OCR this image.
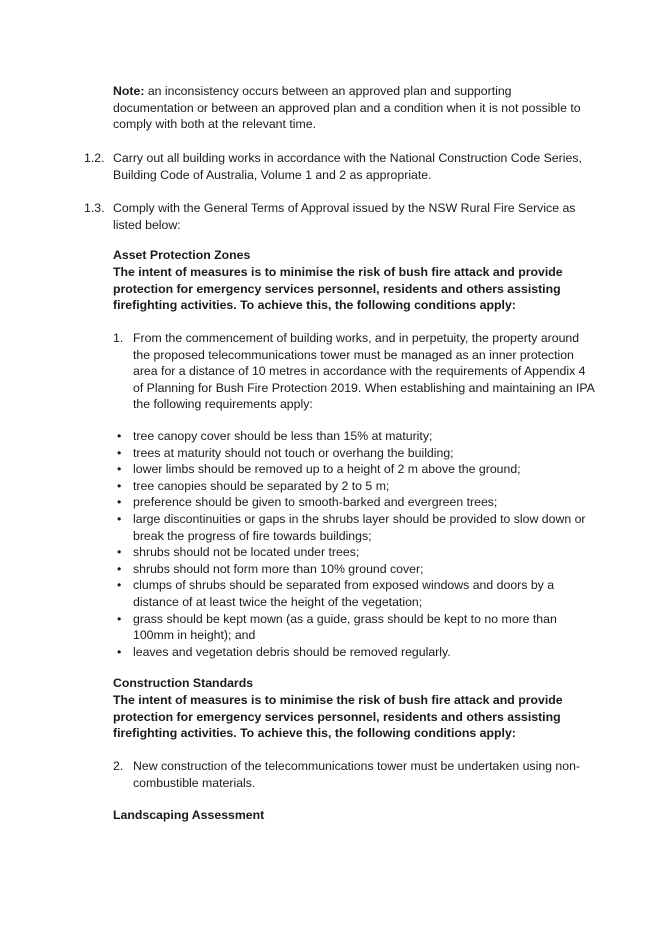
Note: an inconsistency occurs between an approved plan and supporting documentation or between an approved plan and a condition when it is not possible to comply with both at the relevant time.

1.2. Carry out all building works in accordance with the National Construction Code Series, Building Code of Australia, Volume 1 and 2 as appropriate.

1.3. Comply with the General Terms of Approval issued by the NSW Rural Fire Service as listed below:

Asset Protection Zones

The intent of measures is to minimise the risk of bush fire attack and provide protection for emergency services personnel, residents and others assisting firefighting activities. To achieve this, the following conditions apply:

1. From the commencement of building works, and in perpetuity, the property around the proposed telecommunications tower must be managed as an inner protection area for a distance of 10 metres in accordance with the requirements of Appendix 4 of Planning for Bush Fire Protection 2019. When establishing and maintaining an IPA the following requirements apply:

• tree canopy cover should be less than 15% at maturity;
• trees at maturity should not touch or overhang the building;
• lower limbs should be removed up to a height of 2 m above the ground;
• tree canopies should be separated by 2 to 5 m;
• preference should be given to smooth-barked and evergreen trees;
• large discontinuities or gaps in the shrubs layer should be provided to slow down or break the progress of fire towards buildings;
• shrubs should not be located under trees;
• shrubs should not form more than 10% ground cover;
• clumps of shrubs should be separated from exposed windows and doors by a distance of at least twice the height of the vegetation;
• grass should be kept mown (as a guide, grass should be kept to no more than 100mm in height); and
• leaves and vegetation debris should be removed regularly.

Construction Standards

The intent of measures is to minimise the risk of bush fire attack and provide protection for emergency services personnel, residents and others assisting firefighting activities. To achieve this, the following conditions apply:

2. New construction of the telecommunications tower must be undertaken using non-combustible materials.

Landscaping Assessment
